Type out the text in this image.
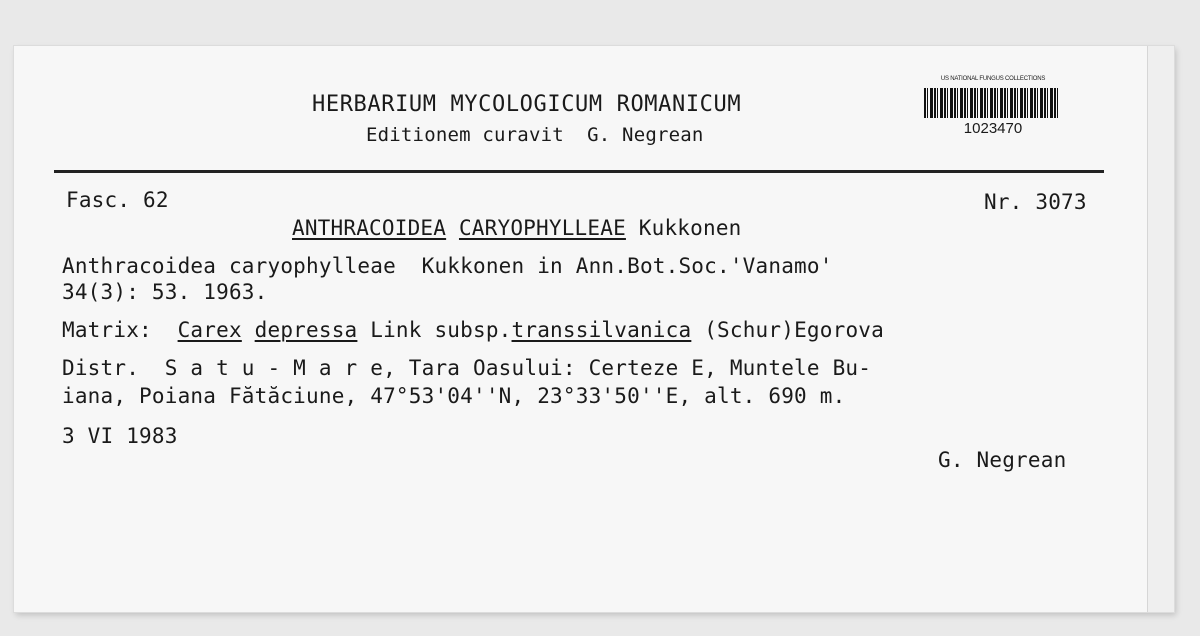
HERBARIUM MYCOLOGICUM ROMANICUM
Editionem curavit  G. Negrean
US NATIONAL FUNGUS COLLECTIONS
1023470
Fasc. 62	Nr. 3073
ANTHRACOIDEA CARYOPHYLLEAE Kukkonen
Anthracoidea caryophylleae  Kukkonen in Ann.Bot.Soc.'Vanamo'
34(3): 53. 1963.
Matrix: Carex depressa Link subsp.transsilvanica (Schur)Egorova
Distr.  S a t u - M a r e, Tara Oasului: Certeze E, Muntele Bu-
iana, Poiana Fătăciune, 47°53'04''N, 23°33'50''E, alt. 690 m.
3 VI 1983
G. Negrean
